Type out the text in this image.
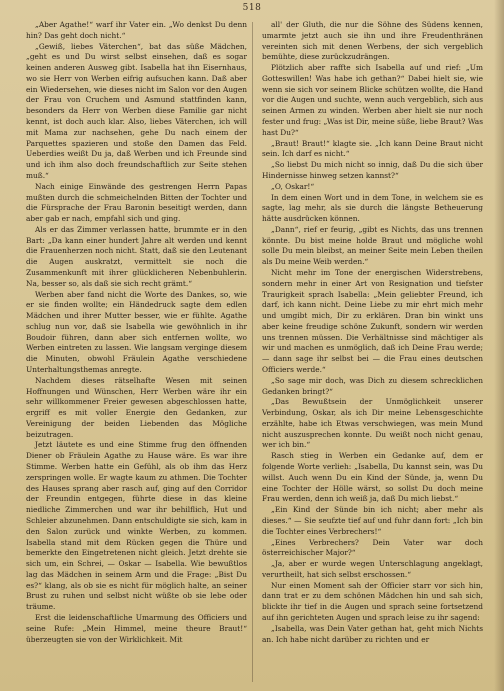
518

„Aber Agathe!“ warf ihr Vater ein. „Wo denkst Du denn hin? Das geht doch nicht.“

„Gewiß, liebes Väterchen“, bat das süße Mädchen, „geht es und Du wirst selbst einsehen, daß es sogar keinen anderen Ausweg gibt. Isabella hat ihn Eisernhaus, wo sie Herr von Werben eifrig aufsuchen kann. Daß aber ein Wiedersehen, wie dieses nicht im Salon vor den Augen der Frau von Cruchem und Asmund stattfinden kann, besonders da Herr von Werben diese Familie gar nicht kennt, ist doch auch klar. Also, liebes Väterchen, ich will mit Mama zur nachsehen, gehe Du nach einem der Parquettes spazieren und stoße den Damen das Feld. Ueberdies weißt Du ja, daß Werben und ich Freunde sind und ich ihm also doch freundschaftlich zur Seite stehen muß.“

Nach einige Einwände des gestrengen Herrn Papas mußten durch die schmeichelnden Bitten der Tochter und die Fürsprache der Frau Baronin beseitigt werden, dann aber gab er nach, empfahl sich und ging.

Als er das Zimmer verlassen hatte, brummte er in den Bart: „Da kann einer hundert Jahre alt werden und kennt die Frauenherzen noch nicht. Statt, daß sie den Leutenant die Augen auskratzt, vermittelt sie noch die Zusammenkunft mit ihrer glücklicheren Nebenbuhlerin. Na, besser so, als daß sie sich recht grämt.“

Werben aber fand nicht die Worte des Dankes, so, wie er sie finden wollte; ein Händedruck sagte dem edlen Mädchen und ihrer Mutter besser, wie er fühlte. Agathe schlug nun vor, daß sie Isabella wie gewöhnlich in ihr Boudoir führen, dann aber sich entfernen wollte, wo Werben eintreten zu lassen. Wie langsam verginge diesem die Minuten, obwohl Fräulein Agathe verschiedene Unterhaltungsthemas anregte.

Nachdem dieses rätselhafte Wesen mit seinen Hoffnungen und Wünschen, Herr Werben wäre ihr ein sehr willkommener Freier gewesen abgeschlossen hatte, ergriff es mit voller Energie den Gedanken, zur Vereinigung der beiden Liebenden das Mögliche beizutragen.

Jetzt läutete es und eine Stimme frug den öffnenden Diener ob Fräulein Agathe zu Hause wäre. Es war ihre Stimme. Werben hatte ein Gefühl, als ob ihm das Herz zerspringen wolle. Er wagte kaum zu athmen. Die Tochter des Hauses sprang aber rasch auf, ging auf den Corridor der Freundin entgegen, führte diese in das kleine niedliche Zimmerchen und war ihr behilflich, Hut und Schleier abzunehmen. Dann entschuldigte sie sich, kam in den Salon zurück und winkte Werben, zu kommen. Isabella stand mit dem Rücken gegen die Thüre und bemerkte den Eingetretenen nicht gleich. Jetzt drehte sie sich um, ein Schrei, — Oskar — Isabella. Wie bewußtlos lag das Mädchen in seinem Arm und die Frage: „Bist Du es?“ klang, als ob sie es nicht für möglich halte, an seiner Brust zu ruhen und selbst nicht wüßte ob sie lebe oder träume.

Erst die leidenschaftliche Umarmung des Officiers und seine Rufe: „Mein Himmel, meine theure Braut!“ überzeugten sie von der Wirklichkeit. Mit

all' der Gluth, die nur die Söhne des Südens kennen, umarmte jetzt auch sie ihn und ihre Freudenthränen vereinten sich mit denen Werbens, der sich vergeblich bemühte, diese zurückzudrängen.

Plötzlich aber raffte sich Isabella auf und rief: „Um Gotteswillen! Was habe ich gethan?“ Dabei hielt sie, wie wenn sie sich vor seinem Blicke schützen wollte, die Hand vor die Augen und suchte, wenn auch vergeblich, sich aus seinen Armen zu winden. Werben aber hielt sie nur noch fester und frug: „Was ist Dir, meine süße, liebe Braut? Was hast Du?“

„Braut! Braut!“ klagte sie. „Ich kann Deine Braut nicht sein. Ich darf es nicht.“

„So liebst Du mich nicht so innig, daß Du die sich über Hindernisse hinweg setzen kannst?“

„O, Oskar!“

In dem einen Wort und in dem Tone, in welchem sie es sagte, lag mehr, als sie durch die längste Betheuerung hätte ausdrücken können.

„Dann“, rief er feurig, „gibt es Nichts, das uns trennen könnte. Du bist meine holde Braut und mögliche wohl solle Du mein bleibst, an meiner Seite mein Leben theilen als Du meine Weib werden.“

Nicht mehr im Tone der energischen Widerstrebens, sondern mehr in einer Art von Resignation und tiefster Traurigkeit sprach Isabella: „Mein geliebter Freund, ich darf, ich kann nicht. Deine Liebe zu mir ehrt mich mehr und umgibt mich, Dir zu erklären. Dran bin winkt uns aber keine freudige schöne Zukunft, sondern wir werden uns trennen müssen. Die Verhältnisse sind mächtiger als wir und machen es unmöglich, daß ich Deine Frau werde; — dann sage ihr selbst bei — die Frau eines deutschen Officiers werde.“

„So sage mir doch, was Dich zu diesem schrecklichen Gedanken bringt?“

„Das Bewußtsein der Unmöglichkeit unserer Verbindung, Oskar, als ich Dir meine Lebensgeschichte erzählte, habe ich Etwas verschwiegen, was mein Mund nicht auszusprechen konnte. Du weißt noch nicht genau, wer ich bin.“

Rasch stieg in Werben ein Gedanke auf, dem er folgende Worte verlieh: „Isabella, Du kannst sein, was Du willst. Auch wenn Du ein Kind der Sünde, ja, wenn Du eine Tochter der Hölle wärst, so sollst Du doch meine Frau werden, denn ich weiß ja, daß Du mich liebst.“

„Ein Kind der Sünde bin ich nicht; aber mehr als dieses.“ — Sie seufzte tief auf und fuhr dann fort: „Ich bin die Tochter eines Verbrechers!“

„Eines Verbrechers? Dein Vater war doch österreichischer Major?“

„Ja, aber er wurde wegen Unterschlagung angeklagt, verurtheilt, hat sich selbst erschossen.“

Nur einen Moment sah der Officier starr vor sich hin, dann trat er zu dem schönen Mädchen hin und sah sich, blickte ihr tief in die Augen und sprach seine fortsetzend auf ihn gerichteten Augen und sprach leise zu ihr sagend:

„Isabella, was Dein Vater gethan hat, geht mich Nichts an. Ich habe nicht darüber zu richten und er
